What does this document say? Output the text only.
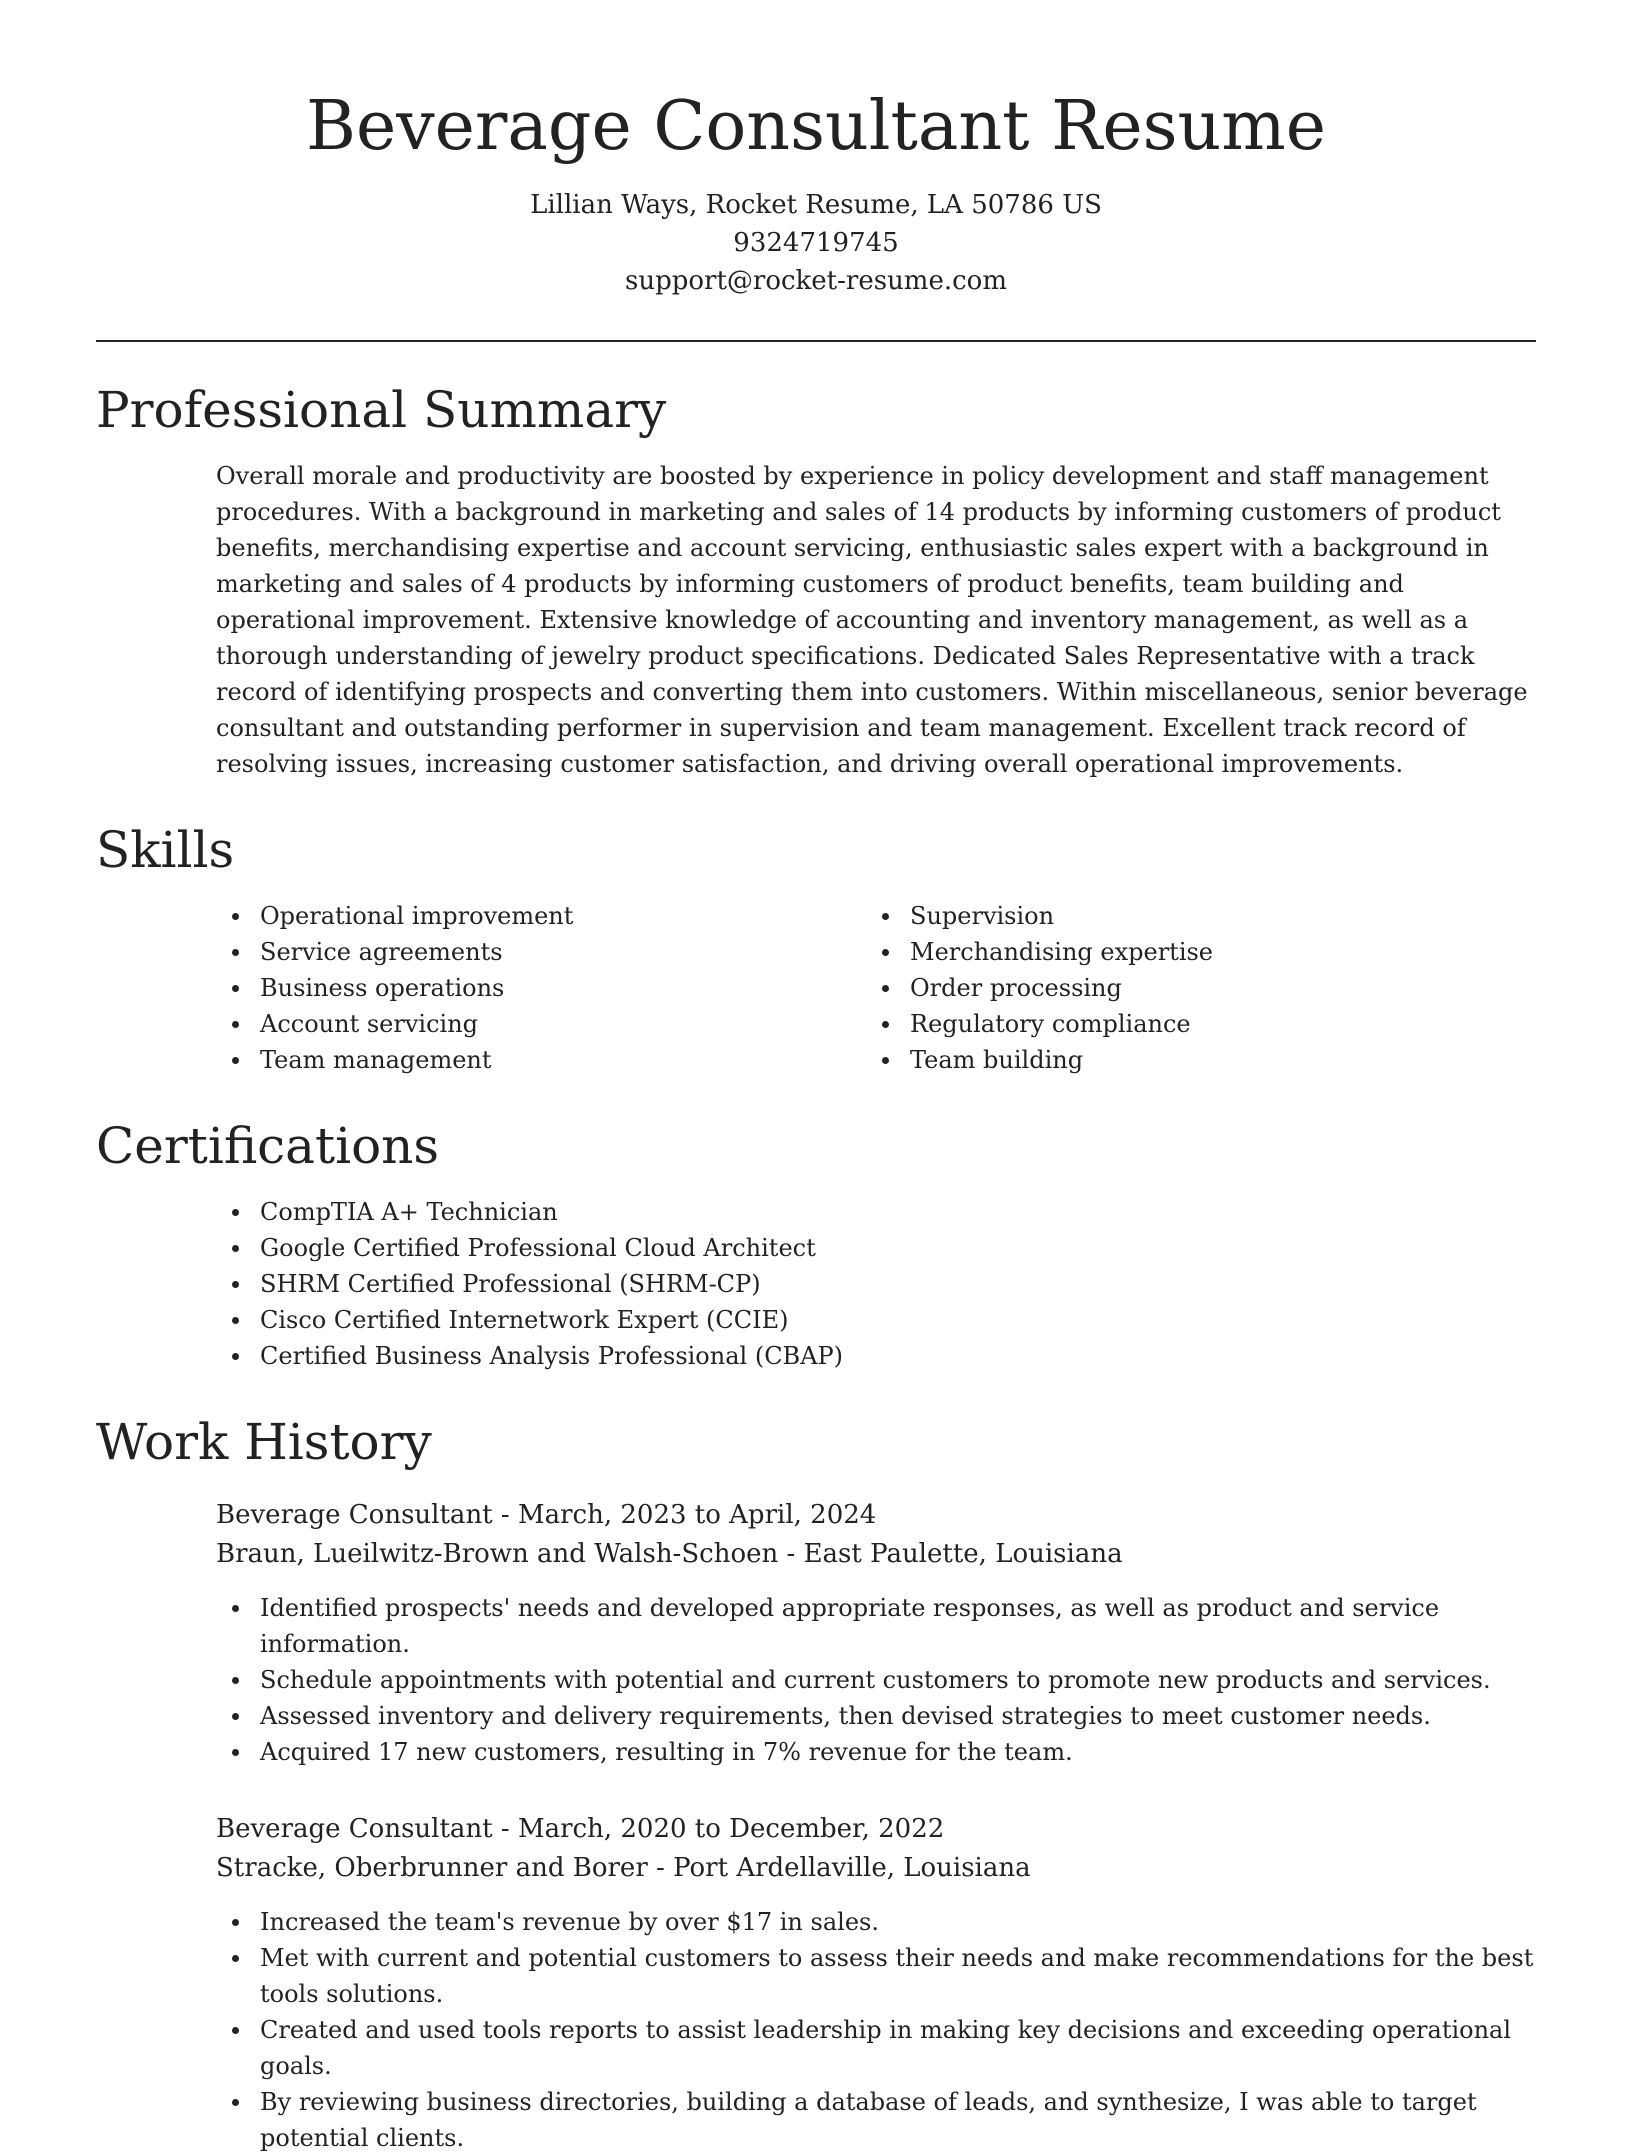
Beverage Consultant Resume
Lillian Ways, Rocket Resume, LA 50786 US
9324719745
support@rocket-resume.com
Professional Summary

Overall morale and productivity are boosted by experience in policy development and staff management procedures. With a background in marketing and sales of 14 products by informing customers of product benefits, merchandising expertise and account servicing, enthusiastic sales expert with a background in marketing and sales of 4 products by informing customers of product benefits, team building and operational improvement. Extensive knowledge of accounting and inventory management, as well as a thorough understanding of jewelry product specifications. Dedicated Sales Representative with a track record of identifying prospects and converting them into customers. Within miscellaneous, senior beverage consultant and outstanding performer in supervision and team management. Excellent track record of resolving issues, increasing customer satisfaction, and driving overall operational improvements.

Skills
Operational improvement
Service agreements
Business operations
Account servicing
Team management
Supervision
Merchandising expertise
Order processing
Regulatory compliance
Team building
Certifications
CompTIA A+ Technician
Google Certified Professional Cloud Architect
SHRM Certified Professional (SHRM-CP)
Cisco Certified Internetwork Expert (CCIE)
Certified Business Analysis Professional (CBAP)
Work History
Beverage Consultant - March, 2023 to April, 2024
Braun, Lueilwitz-Brown and Walsh-Schoen - East Paulette, Louisiana
Identified prospects' needs and developed appropriate responses, as well as product and service information.
Schedule appointments with potential and current customers to promote new products and services.
Assessed inventory and delivery requirements, then devised strategies to meet customer needs.
Acquired 17 new customers, resulting in 7% revenue for the team.
Beverage Consultant - March, 2020 to December, 2022
Stracke, Oberbrunner and Borer - Port Ardellaville, Louisiana
Increased the team's revenue by over $17 in sales.
Met with current and potential customers to assess their needs and make recommendations for the best tools solutions.
Created and used tools reports to assist leadership in making key decisions and exceeding operational goals.
By reviewing business directories, building a database of leads, and synthesize, I was able to target potential clients.
